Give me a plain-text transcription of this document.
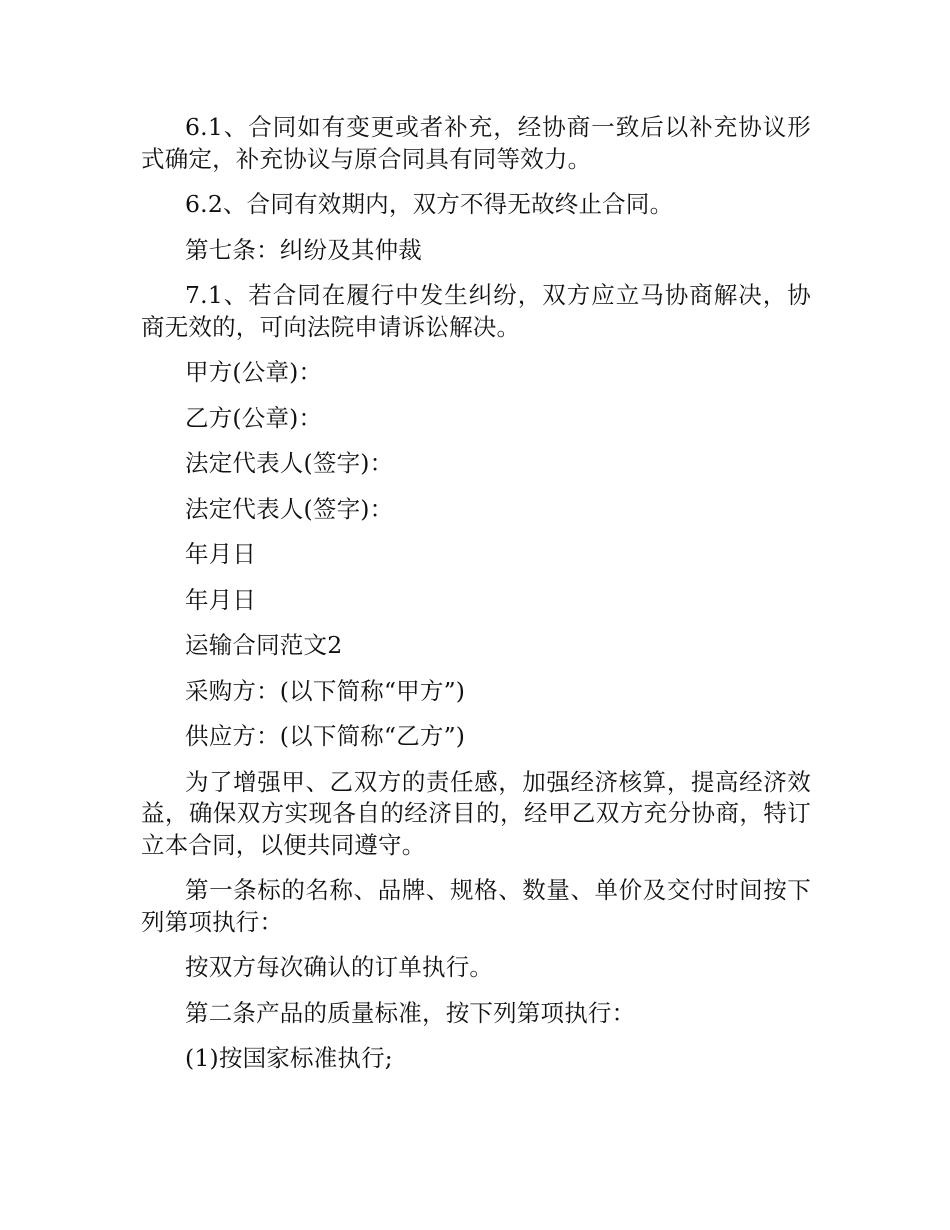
6.1、合同如有变更或者补充，经协商一致后以补充协议形式确定，补充协议与原合同具有同等效力。

6.2、合同有效期内，双方不得无故终止合同。

第七条：纠纷及其仲裁

7.1、若合同在履行中发生纠纷，双方应立马协商解决，协商无效的，可向法院申请诉讼解决。

甲方(公章)：

乙方(公章)：

法定代表人(签字)：

法定代表人(签字)：

年月日

年月日

运输合同范文2

采购方：(以下简称“甲方”)

供应方：(以下简称“乙方”)

为了增强甲、乙双方的责任感，加强经济核算，提高经济效益，确保双方实现各自的经济目的，经甲乙双方充分协商，特订立本合同，以便共同遵守。

第一条标的名称、品牌、规格、数量、单价及交付时间按下列第项执行：

按双方每次确认的订单执行。

第二条产品的质量标准，按下列第项执行：

(1)按国家标准执行;
